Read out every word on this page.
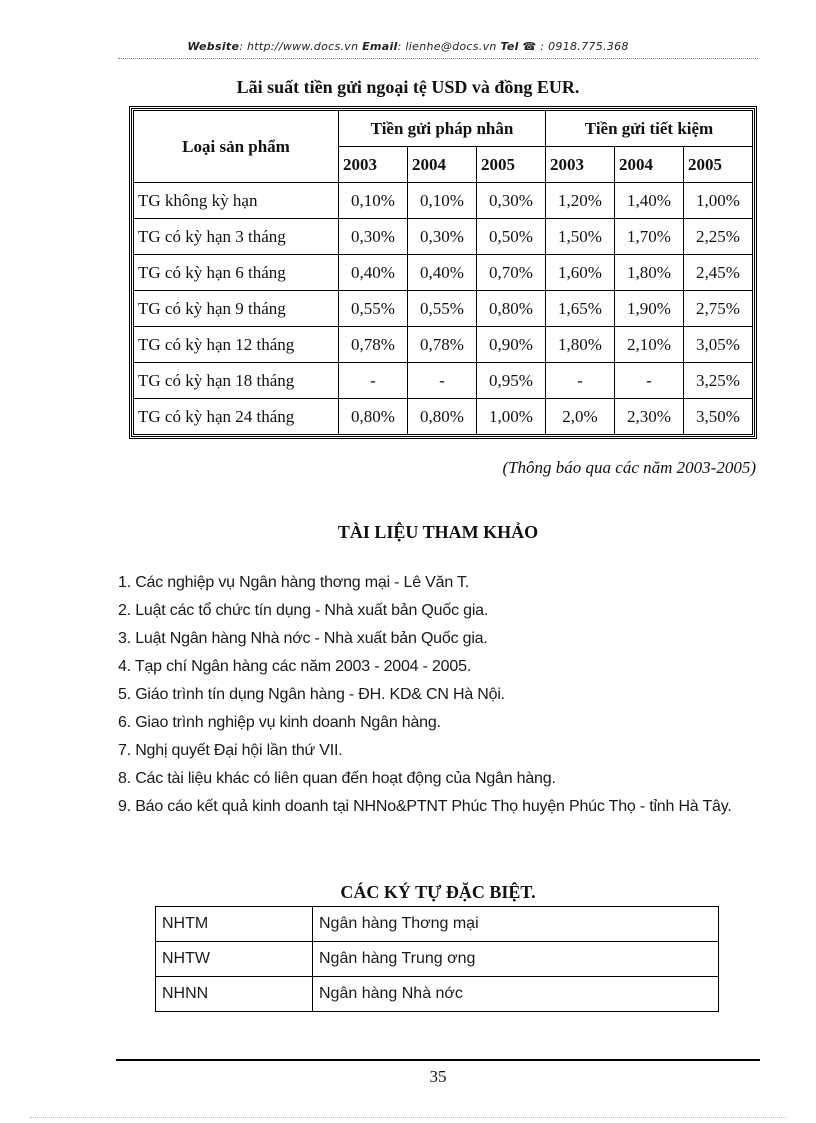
Website: http://www.docs.vn Email: lienhe@docs.vn Tel ☎ : 0918.775.368
Lãi suất tiền gửi ngoại tệ USD và đồng EUR.
Loại sản phẩm	Tiền gửi pháp nhân			Tiền gửi tiết kiệm		
	2003	2004	2005	2003	2004	2005
TG không kỳ hạn	0,10%	0,10%	0,30%	1,20%	1,40%	1,00%
TG có kỳ hạn 3 tháng	0,30%	0,30%	0,50%	1,50%	1,70%	2,25%
TG có kỳ hạn 6 tháng	0,40%	0,40%	0,70%	1,60%	1,80%	2,45%
TG có kỳ hạn 9 tháng	0,55%	0,55%	0,80%	1,65%	1,90%	2,75%
TG có kỳ hạn 12 tháng	0,78%	0,78%	0,90%	1,80%	2,10%	3,05%
TG có kỳ hạn 18 tháng	-	-	0,95%	-	-	3,25%
TG có kỳ hạn 24 tháng	0,80%	0,80%	1,00%	2,0%	2,30%	3,50%
(Thông báo qua các năm 2003-2005)
TÀI LIỆU THAM KHẢO
1. Các nghiệp vụ Ngân hàng thơng mại - Lê Văn T.
2. Luật các tổ chức tín dụng - Nhà xuất bản Quốc gia.
3. Luật Ngân hàng Nhà nớc - Nhà xuất bản Quốc gia.
4. Tạp chí Ngân hàng các năm 2003 - 2004 - 2005.
5. Giáo trình tín dụng Ngân hàng - ĐH. KD& CN Hà Nội.
6. Giao trình nghiệp vụ kinh doanh Ngân hàng.
7. Nghị quyết Đại hội lần thứ VII.
8. Các tài liệu khác có liên quan đến hoạt động của Ngân hàng.
9. Báo cáo kết quả kinh doanh tại NHNo&PTNT Phúc Thọ huyện Phúc Thọ - tỉnh Hà Tây.
CÁC KÝ TỰ ĐẶC BIỆT.
NHTM	Ngân hàng Thơng mại
NHTW	Ngân hàng Trung ơng
NHNN	Ngân hàng Nhà nớc
35
